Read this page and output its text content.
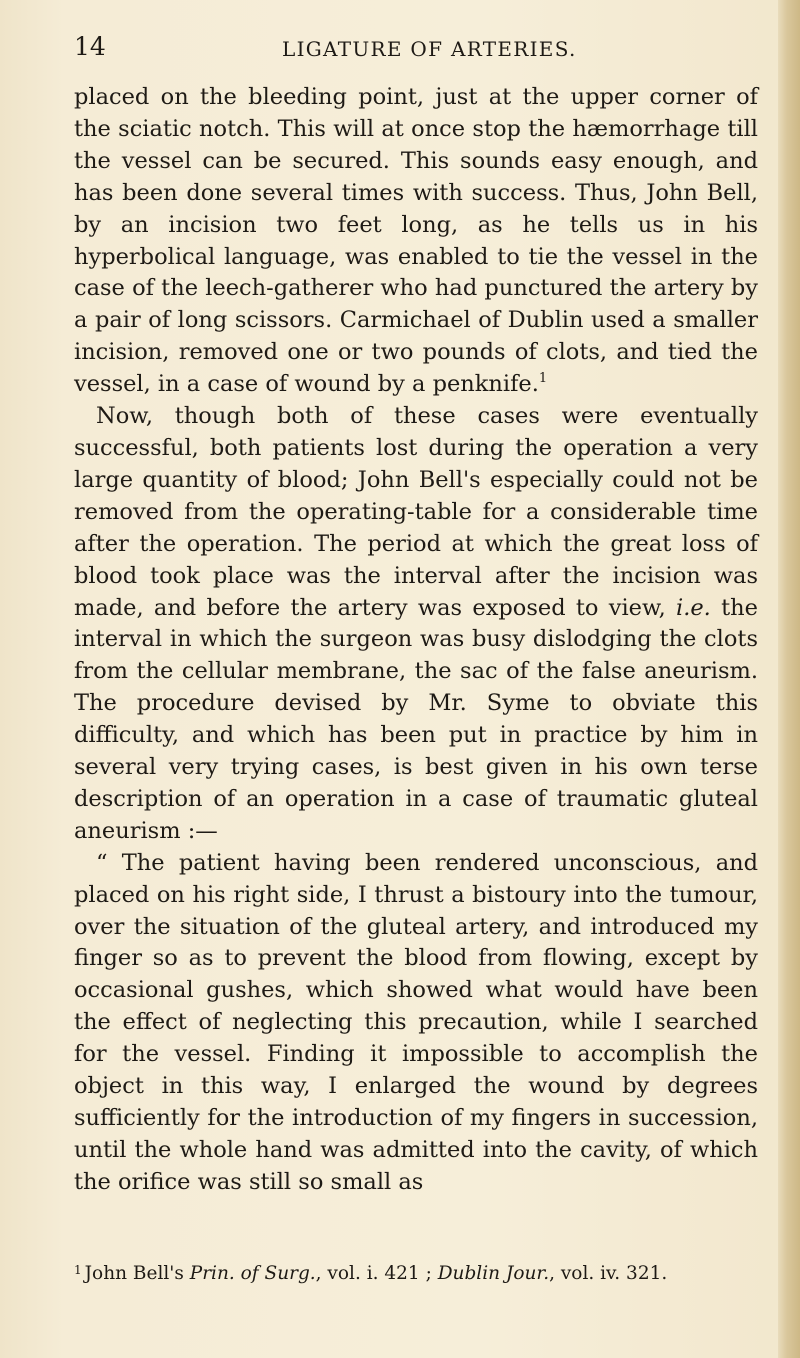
14	LIGATURE OF ARTERIES.

placed on the bleeding point, just at the upper corner of the sciatic notch. This will at once stop the hæmorrhage till the vessel can be secured. This sounds easy enough, and has been done several times with success. Thus, John Bell, by an incision two feet long, as he tells us in his hyperbolical language, was enabled to tie the vessel in the case of the leech-gatherer who had punctured the artery by a pair of long scissors. Carmichael of Dublin used a smaller incision, removed one or two pounds of clots, and tied the vessel, in a case of wound by a penknife.$^1$

Now, though both of these cases were eventually successful, both patients lost during the operation a very large quantity of blood; John Bell's especially could not be removed from the operating-table for a considerable time after the operation. The period at which the great loss of blood took place was the interval after the incision was made, and before the artery was exposed to view, i.e. the interval in which the surgeon was busy dislodging the clots from the cellular membrane, the sac of the false aneurism. The procedure devised by Mr. Syme to obviate this difficulty, and which has been put in practice by him in several very trying cases, is best given in his own terse description of an operation in a case of traumatic gluteal aneurism :—

“ The patient having been rendered unconscious, and placed on his right side, I thrust a bistoury into the tumour, over the situation of the gluteal artery, and introduced my finger so as to prevent the blood from flowing, except by occasional gushes, which showed what would have been the effect of neglecting this precaution, while I searched for the vessel. Finding it impossible to accomplish the object in this way, I enlarged the wound by degrees sufficiently for the introduction of my fingers in succession, until the whole hand was admitted into the cavity, of which the orifice was still so small as

$^1$ John Bell's Prin. of Surg., vol. i. 421 ; Dublin Jour., vol. iv. 321.
